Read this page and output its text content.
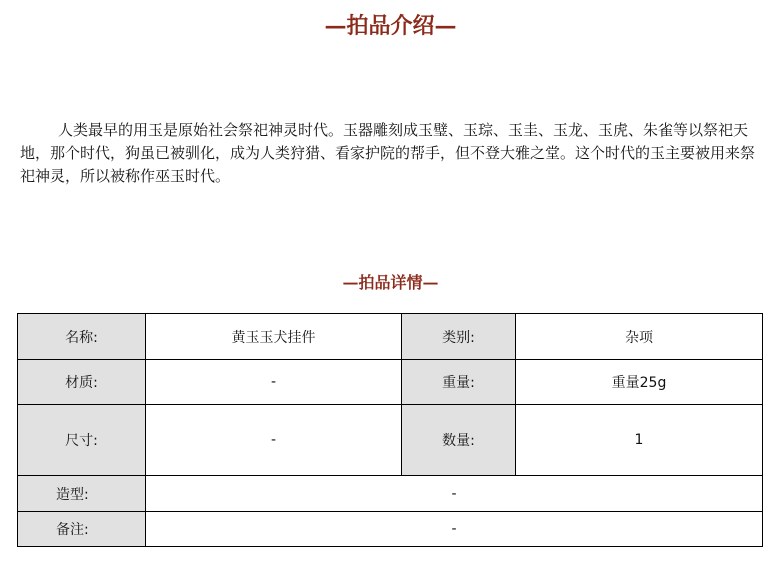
—拍品介绍—

人类最早的用玉是原始社会祭祀神灵时代。玉器雕刻成玉璧、玉琮、玉圭、玉龙、玉虎、朱雀等以祭祀天地，那个时代，狗虽已被驯化，成为人类狩猎、看家护院的帮手，但不登大雅之堂。这个时代的玉主要被用来祭祀神灵，所以被称作巫玉时代。

—拍品详情—
名称:	黄玉玉犬挂件	类别:	杂项
材质:	-	重量:	重量25g
尺寸:	-	数量:	1
造型:	-		
备注:	-		
